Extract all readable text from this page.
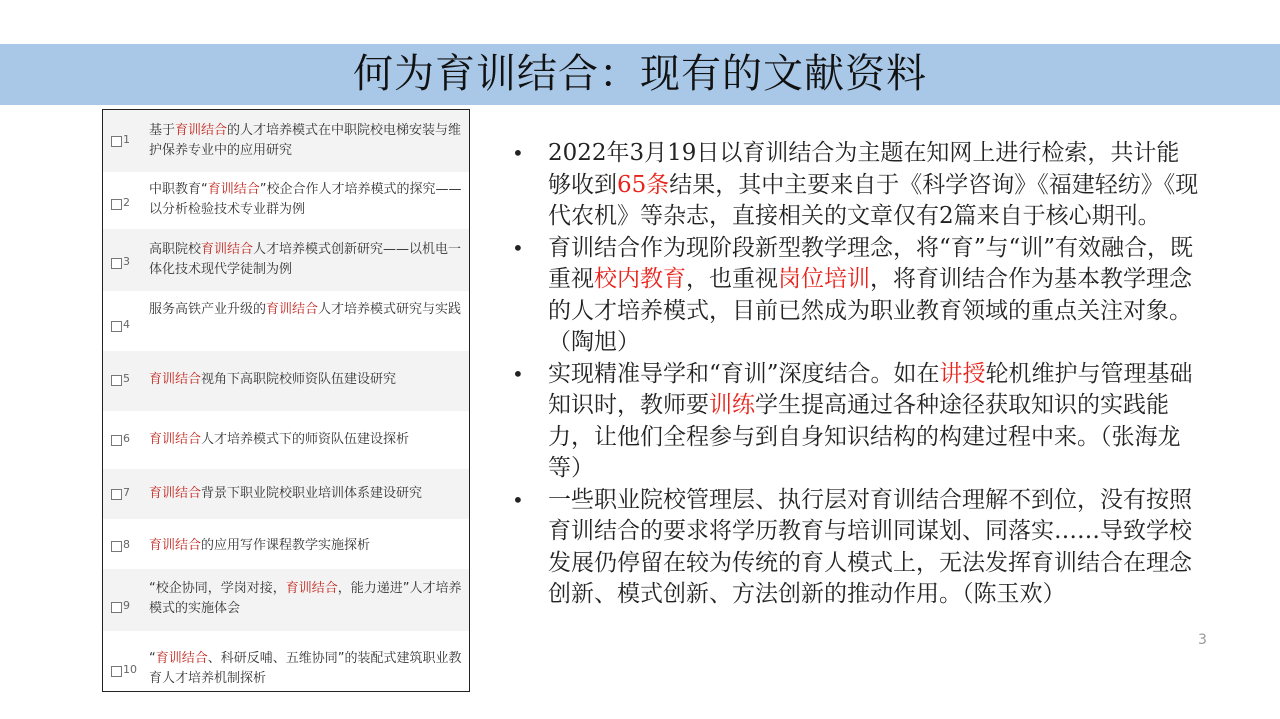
何为育训结合：现有的文献资料
1
基于育训结合的人才培养模式在中职院校电梯安装与维护保养专业中的应用研究
2
中职教育“育训结合”校企合作人才培养模式的探究——以分析检验技术专业群为例
3
高职院校育训结合人才培养模式创新研究——以机电一体化技术现代学徒制为例
4
服务高铁产业升级的育训结合人才培养模式研究与实践
5 育训结合视角下高职院校师资队伍建设研究
6 育训结合人才培养模式下的师资队伍建设探析
7 育训结合背景下职业院校职业培训体系建设研究
8 育训结合的应用写作课程教学实施探析
9
“校企协同，学岗对接，育训结合，能力递进”人才培养模式的实施体会
10
“育训结合、科研反哺、五维协同”的装配式建筑职业教育人才培养机制探析
• 2022年3月19日以育训结合为主题在知网上进行检索，共计能够收到65条结果，其中主要来自于《科学咨询》《福建轻纺》《现代农机》等杂志，直接相关的文章仅有2篇来自于核心期刊。
• 育训结合作为现阶段新型教学理念，将“育”与“训”有效融合，既重视校内教育，也重视岗位培训，将育训结合作为基本教学理念的人才培养模式，目前已然成为职业教育领域的重点关注对象。（陶旭）
• 实现精准导学和“育训”深度结合。如在讲授轮机维护与管理基础知识时，教师要训练学生提高通过各种途径获取知识的实践能力，让他们全程参与到自身知识结构的构建过程中来。（张海龙等）
• 一些职业院校管理层、执行层对育训结合理解不到位，没有按照育训结合的要求将学历教育与培训同谋划、同落实……导致学校发展仍停留在较为传统的育人模式上，无法发挥育训结合在理念创新、模式创新、方法创新的推动作用。（陈玉欢）
3
